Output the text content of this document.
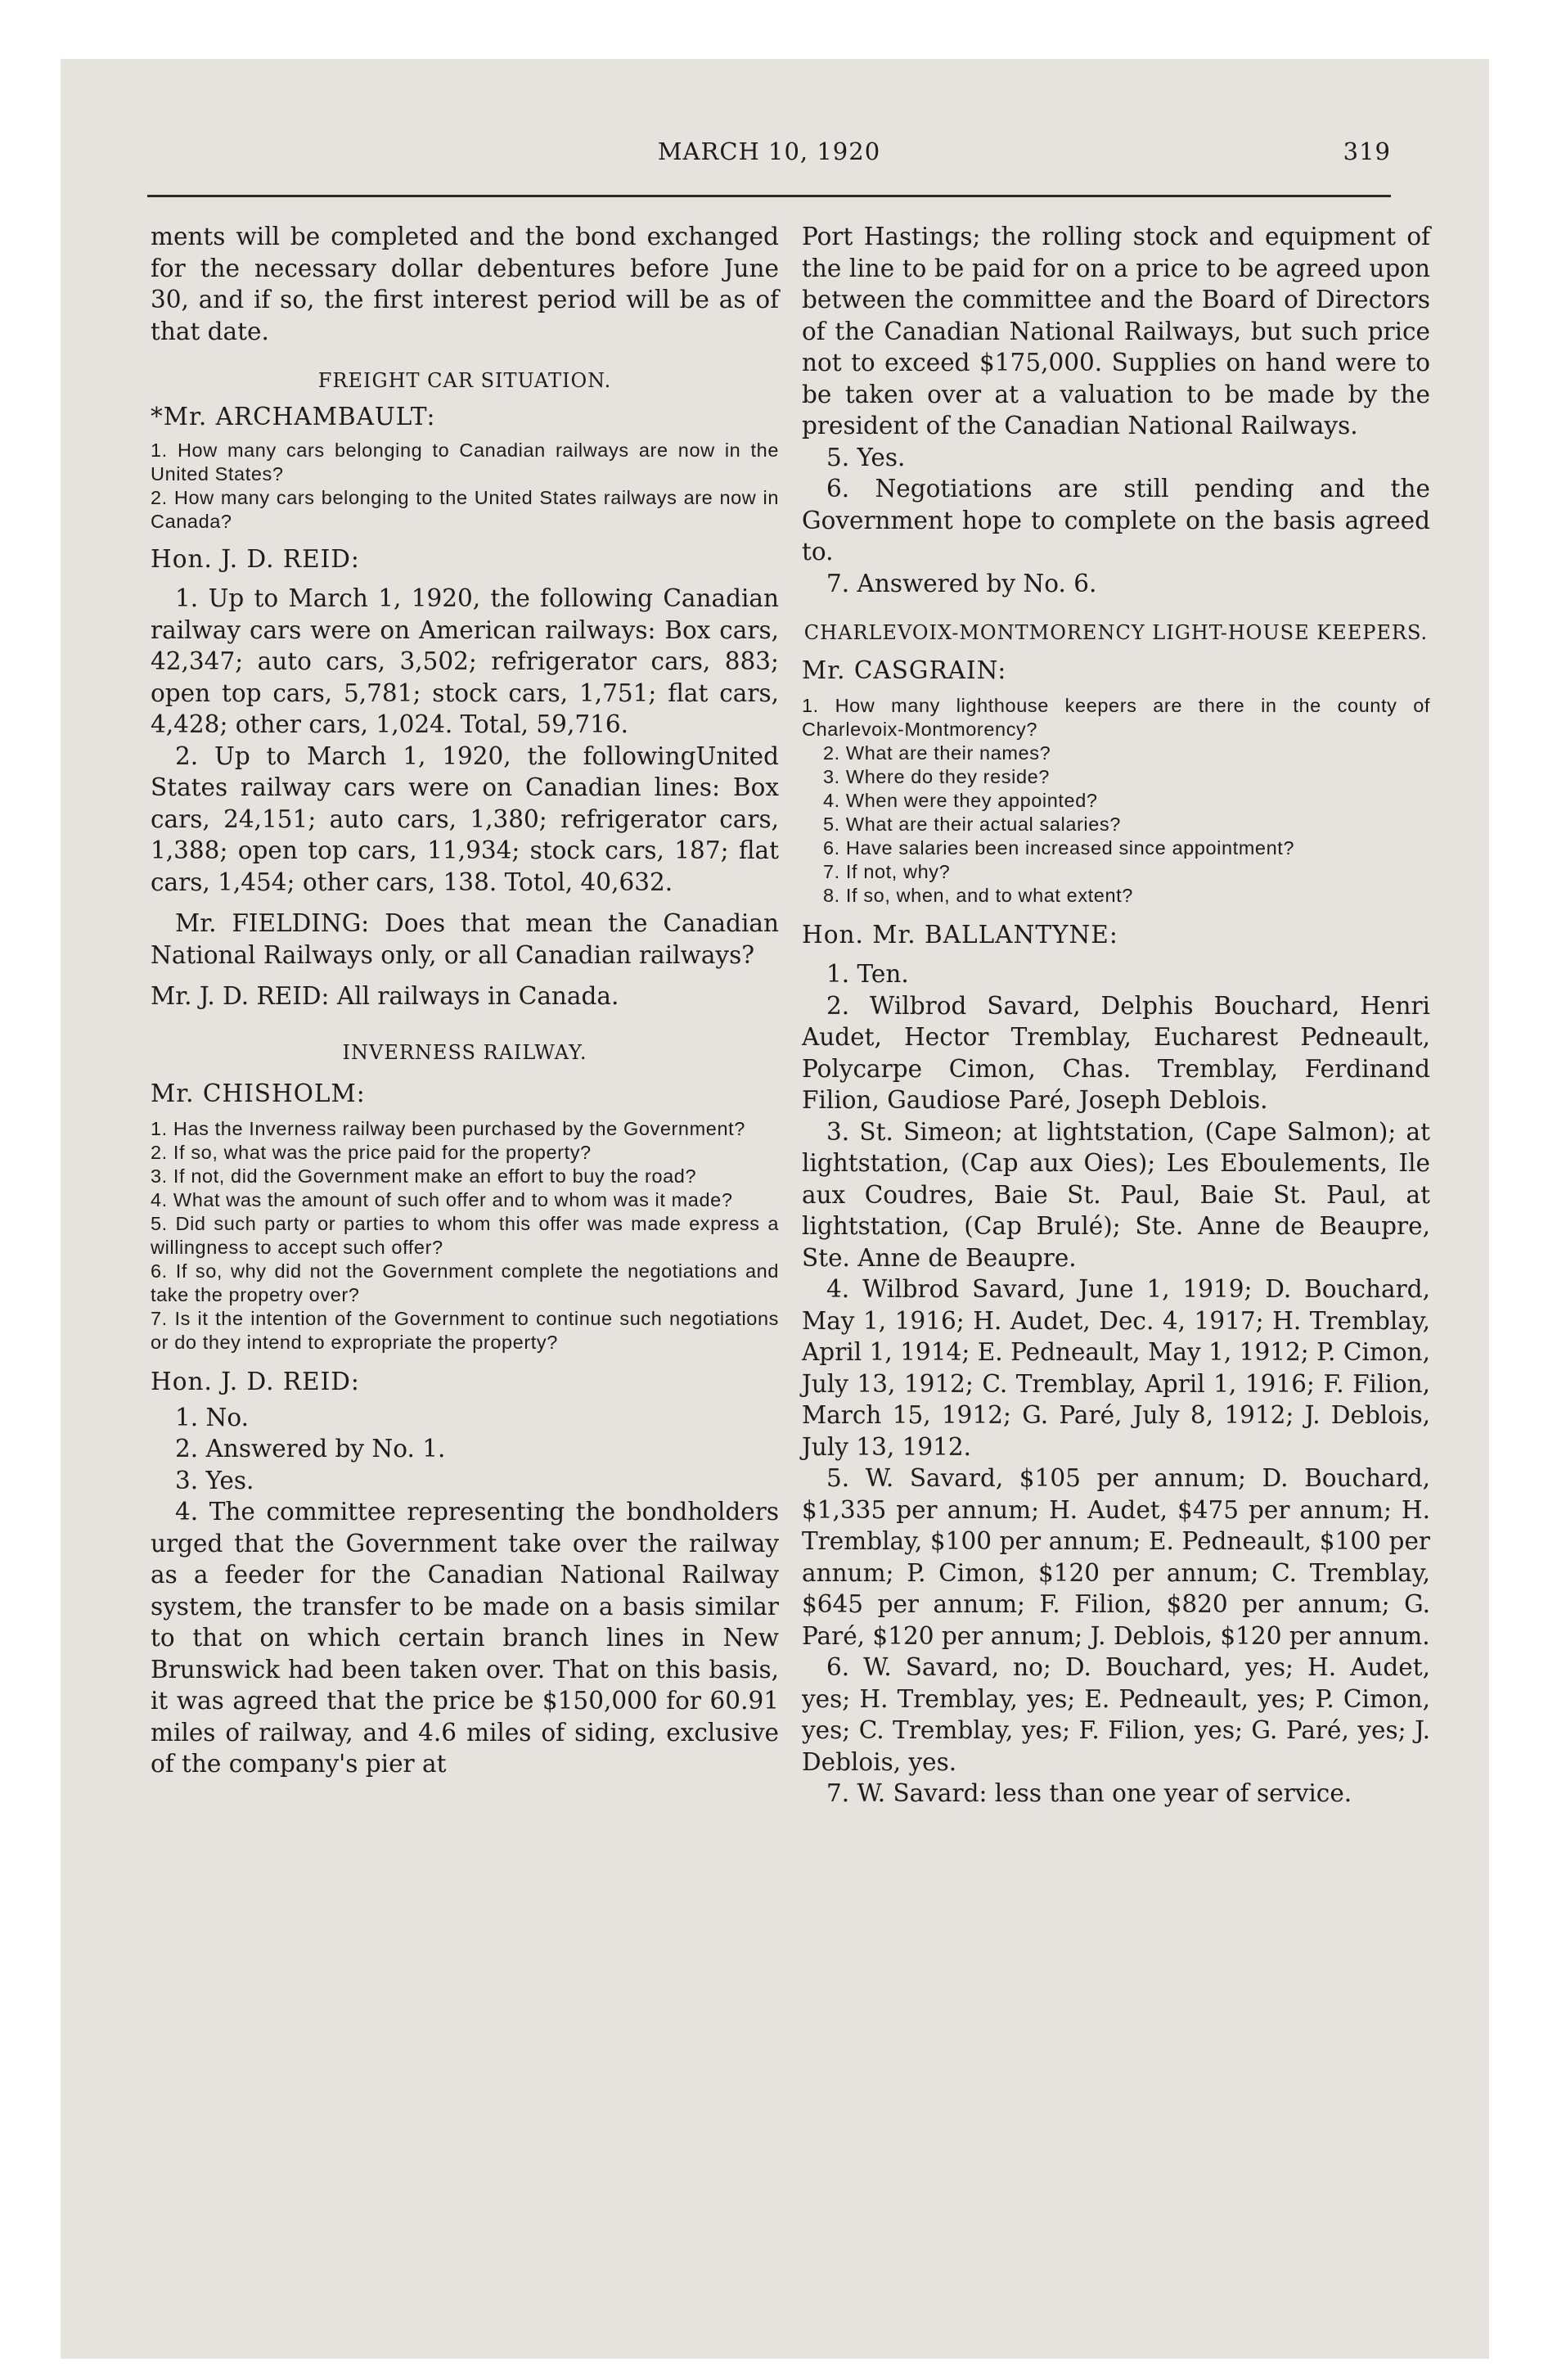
MARCH 10, 1920	319

ments will be completed and the bond exchanged for the necessary dollar debentures before June 30, and if so, the first interest period will be as of that date.

FREIGHT CAR SITUATION.

*Mr. ARCHAMBAULT:

1. How many cars belonging to Canadian railways are now in the United States?

2. How many cars belonging to the United States railways are now in Canada?

Hon. J. D. REID:

1. Up to March 1, 1920, the following Canadian railway cars were on American railways: Box cars, 42,347; auto cars, 3,502; refrigerator cars, 883; open top cars, 5,781; stock cars, 1,751; flat cars, 4,428; other cars, 1,024. Total, 59,716.

2. Up to March 1, 1920, the followingUnited States railway cars were on Canadian lines: Box cars, 24,151; auto cars, 1,380; refrigerator cars, 1,388; open top cars, 11,934; stock cars, 187; flat cars, 1,454; other cars, 138. Totol, 40,632.

Mr. FIELDING: Does that mean the Canadian National Railways only, or all Canadian railways?

Mr. J. D. REID: All railways in Canada.

INVERNESS RAILWAY.

Mr. CHISHOLM:

1. Has the Inverness railway been purchased by the Government?

2. If so, what was the price paid for the property?

3. If not, did the Government make an effort to buy the road?

4. What was the amount of such offer and to whom was it made?

5. Did such party or parties to whom this offer was made express a willingness to accept such offer?

6. If so, why did not the Government complete the negotiations and take the propetry over?

7. Is it the intention of the Government to continue such negotiations or do they intend to expropriate the property?

Hon. J. D. REID:

1. No.

2. Answered by No. 1.

3. Yes.

4. The committee representing the bondholders urged that the Government take over the railway as a feeder for the Canadian National Railway system, the transfer to be made on a basis similar to that on which certain branch lines in New Brunswick had been taken over. That on this basis, it was agreed that the price be $150,000 for 60.91 miles of railway, and 4.6 miles of siding, exclusive of the company's pier at

Port Hastings; the rolling stock and equipment of the line to be paid for on a price to be agreed upon between the committee and the Board of Directors of the Canadian National Railways, but such price not to exceed $175,000. Supplies on hand were to be taken over at a valuation to be made by the president of the Canadian National Railways.

5. Yes.

6. Negotiations are still pending and the Government hope to complete on the basis agreed to.

7. Answered by No. 6.

CHARLEVOIX-MONTMORENCY LIGHT-HOUSE KEEPERS.

Mr. CASGRAIN:

1. How many lighthouse keepers are there in the county of Charlevoix-Montmorency?

2. What are their names?

3. Where do they reside?

4. When were they appointed?

5. What are their actual salaries?

6. Have salaries been increased since appointment?

7. If not, why?

8. If so, when, and to what extent?

Hon. Mr. BALLANTYNE:

1. Ten.

2. Wilbrod Savard, Delphis Bouchard, Henri Audet, Hector Tremblay, Eucharest Pedneault, Polycarpe Cimon, Chas. Tremblay, Ferdinand Filion, Gaudiose Paré, Joseph Deblois.

3. St. Simeon; at lightstation, (Cape Salmon); at lightstation, (Cap aux Oies); Les Eboulements, Ile aux Coudres, Baie St. Paul, Baie St. Paul, at lightstation, (Cap Brulé); Ste. Anne de Beaupre, Ste. Anne de Beaupre.

4. Wilbrod Savard, June 1, 1919; D. Bouchard, May 1, 1916; H. Audet, Dec. 4, 1917; H. Tremblay, April 1, 1914; E. Pedneault, May 1, 1912; P. Cimon, July 13, 1912; C. Tremblay, April 1, 1916; F. Filion, March 15, 1912; G. Paré, July 8, 1912; J. Deblois, July 13, 1912.

5. W. Savard, $105 per annum; D. Bouchard, $1,335 per annum; H. Audet, $475 per annum; H. Tremblay, $100 per annum; E. Pedneault, $100 per annum; P. Cimon, $120 per annum; C. Tremblay, $645 per annum; F. Filion, $820 per annum; G. Paré, $120 per annum; J. Deblois, $120 per annum.

6. W. Savard, no; D. Bouchard, yes; H. Audet, yes; H. Tremblay, yes; E. Pedneault, yes; P. Cimon, yes; C. Tremblay, yes; F. Filion, yes; G. Paré, yes; J. Deblois, yes.

7. W. Savard: less than one year of service.
